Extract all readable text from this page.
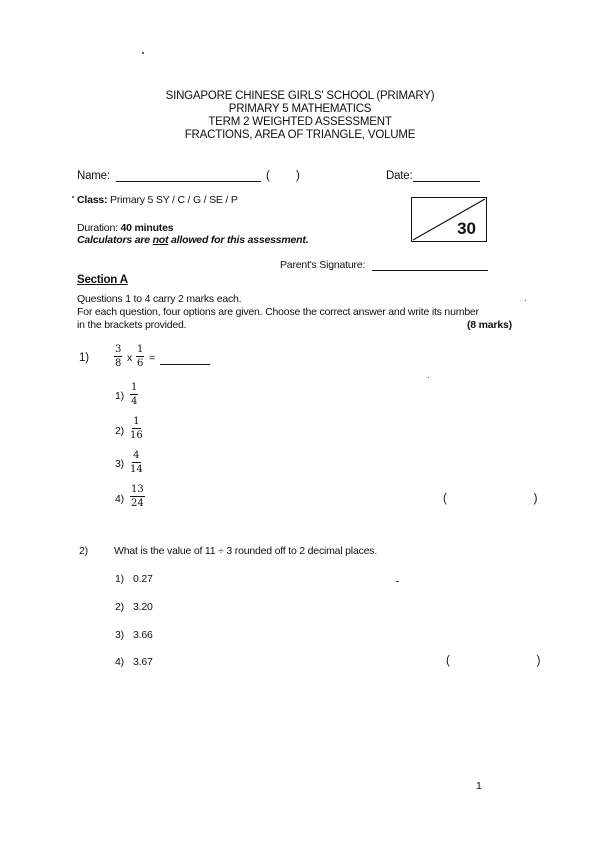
SINGAPORE CHINESE GIRLS' SCHOOL (PRIMARY)
PRIMARY 5 MATHEMATICS
TERM 2 WEIGHTED ASSESSMENT
FRACTIONS, AREA OF TRIANGLE, VOLUME
Name:	( )	Date:
Class: Primary 5 SY / C / G / SE / P
30
Duration: 40 minutes
Calculators are not allowed for this assessment.
Parent's Signature:
Section A
Questions 1 to 4 carry 2 marks each.
For each question, four options are given. Choose the correct answer and write its number
in the brackets provided.	(8 marks)
1)	$\frac{3}{8}$ x $\frac{1}{6}$ =
$1) \frac{1}{4}$
$2) \frac{1}{16}$
$3) \frac{4}{14}$
$4) \frac{13}{24}$	(   )
2) What is the value of 11 ÷ 3 rounded off to 2 decimal places.
1) 0.27
2) 3.20
3) 3.66
4) 3.67	(   )
1
